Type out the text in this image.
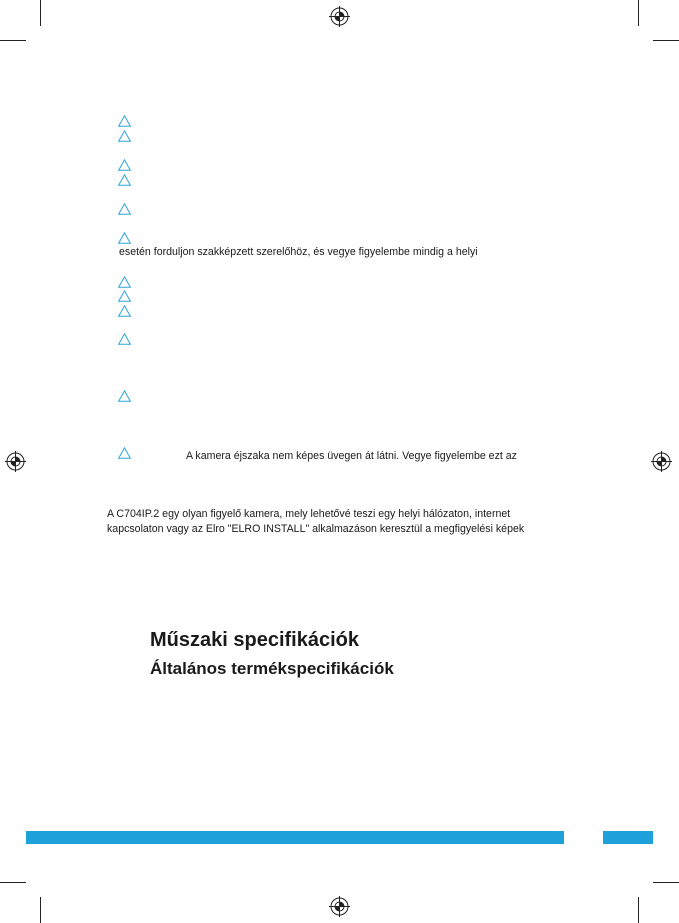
esetén forduljon szakképzett szerelőhöz, és vegye figyelembe mindig a helyi
A kamera éjszaka nem képes üvegen át látni. Vegye figyelembe ezt az
A C704IP.2 egy olyan figyelő kamera, mely lehetővé teszi egy helyi hálózaton, internet
kapcsolaton vagy az Elro "ELRO INSTALL" alkalmazáson keresztül a megfigyelési képek
Műszaki specifikációk
Általános termékspecifikációk
